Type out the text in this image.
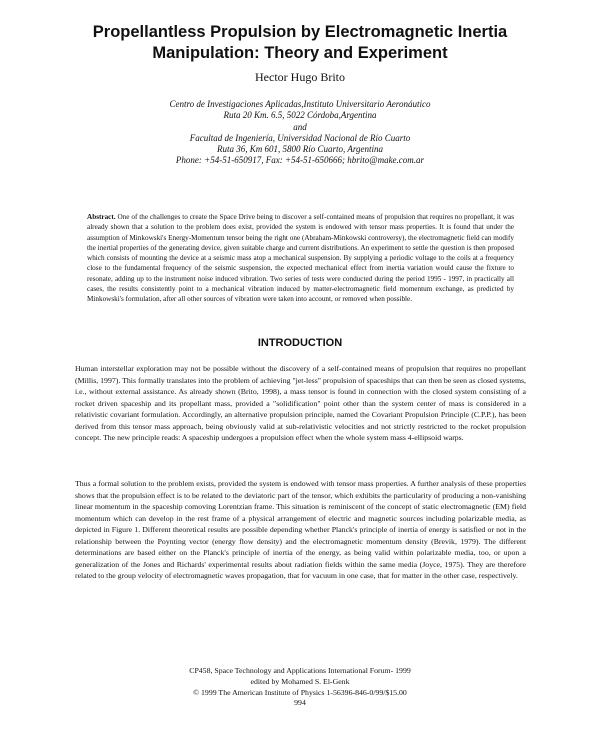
Propellantless Propulsion by Electromagnetic Inertia Manipulation: Theory and Experiment
Hector Hugo Brito
Centro de Investigaciones Aplicadas,Instituto Universitario Aeronáutico
Ruta 20 Km. 6.5, 5022 Córdoba,Argentina
and
Facultad de Ingeniería, Universidad Nacional de Río Cuarto
Ruta 36, Km 601, 5800 Río Cuarto, Argentina
Phone: +54-51-650917, Fax: +54-51-650666; hbrito@make.com.ar
Abstract. One of the challenges to create the Space Drive being to discover a self-contained means of propulsion that requires no propellant, it was already shown that a solution to the problem does exist, provided the system is endowed with tensor mass properties. It is found that under the assumption of Minkowski's Energy-Momentum tensor being the right one (Abraham-Minkowski controversy), the electromagnetic field can modify the inertial properties of the generating device, given suitable charge and current distributions. An experiment to settle the question is then proposed which consists of mounting the device at a seismic mass atop a mechanical suspension. By supplying a periodic voltage to the coils at a frequency close to the fundamental frequency of the seismic suspension, the expected mechanical effect from inertia variation would cause the fixture to resonate, adding up to the instrument noise induced vibration. Two series of tests were conducted during the period 1995 - 1997, in practically all cases, the results consistently point to a mechanical vibration induced by matter-electromagnetic field momentum exchange, as predicted by Minkowski's formulation, after all other sources of vibration were taken into account, or removed when possible.
INTRODUCTION
Human interstellar exploration may not be possible without the discovery of a self-contained means of propulsion that requires no propellant (Millis, 1997). This formally translates into the problem of achieving "jet-less" propulsion of spaceships that can then be seen as closed systems, i.e., without external assistance. As already shown (Brito, 1998), a mass tensor is found in connection with the closed system consisting of a rocket driven spaceship and its propellant mass, provided a "solidification" point other than the system center of mass is considered in a relativistic covariant formulation. Accordingly, an alternative propulsion principle, named the Covariant Propulsion Principle (C.P.P.), has been derived from this tensor mass approach, being obviously valid at sub-relativistic velocities and not strictly restricted to the rocket propulsion concept. The new principle reads: A spaceship undergoes a propulsion effect when the whole system mass 4-ellipsoid warps.
Thus a formal solution to the problem exists, provided the system is endowed with tensor mass properties. A further analysis of these properties shows that the propulsion effect is to be related to the deviatoric part of the tensor, which exhibits the particularity of producing a non-vanishing linear momentum in the spaceship comoving Lorentzian frame. This situation is reminiscent of the concept of static electromagnetic (EM) field momentum which can develop in the rest frame of a physical arrangement of electric and magnetic sources including polarizable media, as depicted in Figure 1. Different theoretical results are possible depending whether Planck's principle of inertia of energy is satisfied or not in the relationship between the Poynting vector (energy flow density) and the electromagnetic momentum density (Brevik, 1979). The different determinations are based either on the Planck's principle of inertia of the energy, as being valid within polarizable media, too, or upon a generalization of the Jones and Richards' experimental results about radiation fields within the same media (Joyce, 1975). They are therefore related to the group velocity of electromagnetic waves propagation, that for vacuum in one case, that for matter in the other case, respectively.
CP458, Space Technology and Applications International Forum- 1999
edited by Mohamed S. El-Genk
© 1999 The American Institute of Physics 1-56396-846-0/99/$15.00
994
